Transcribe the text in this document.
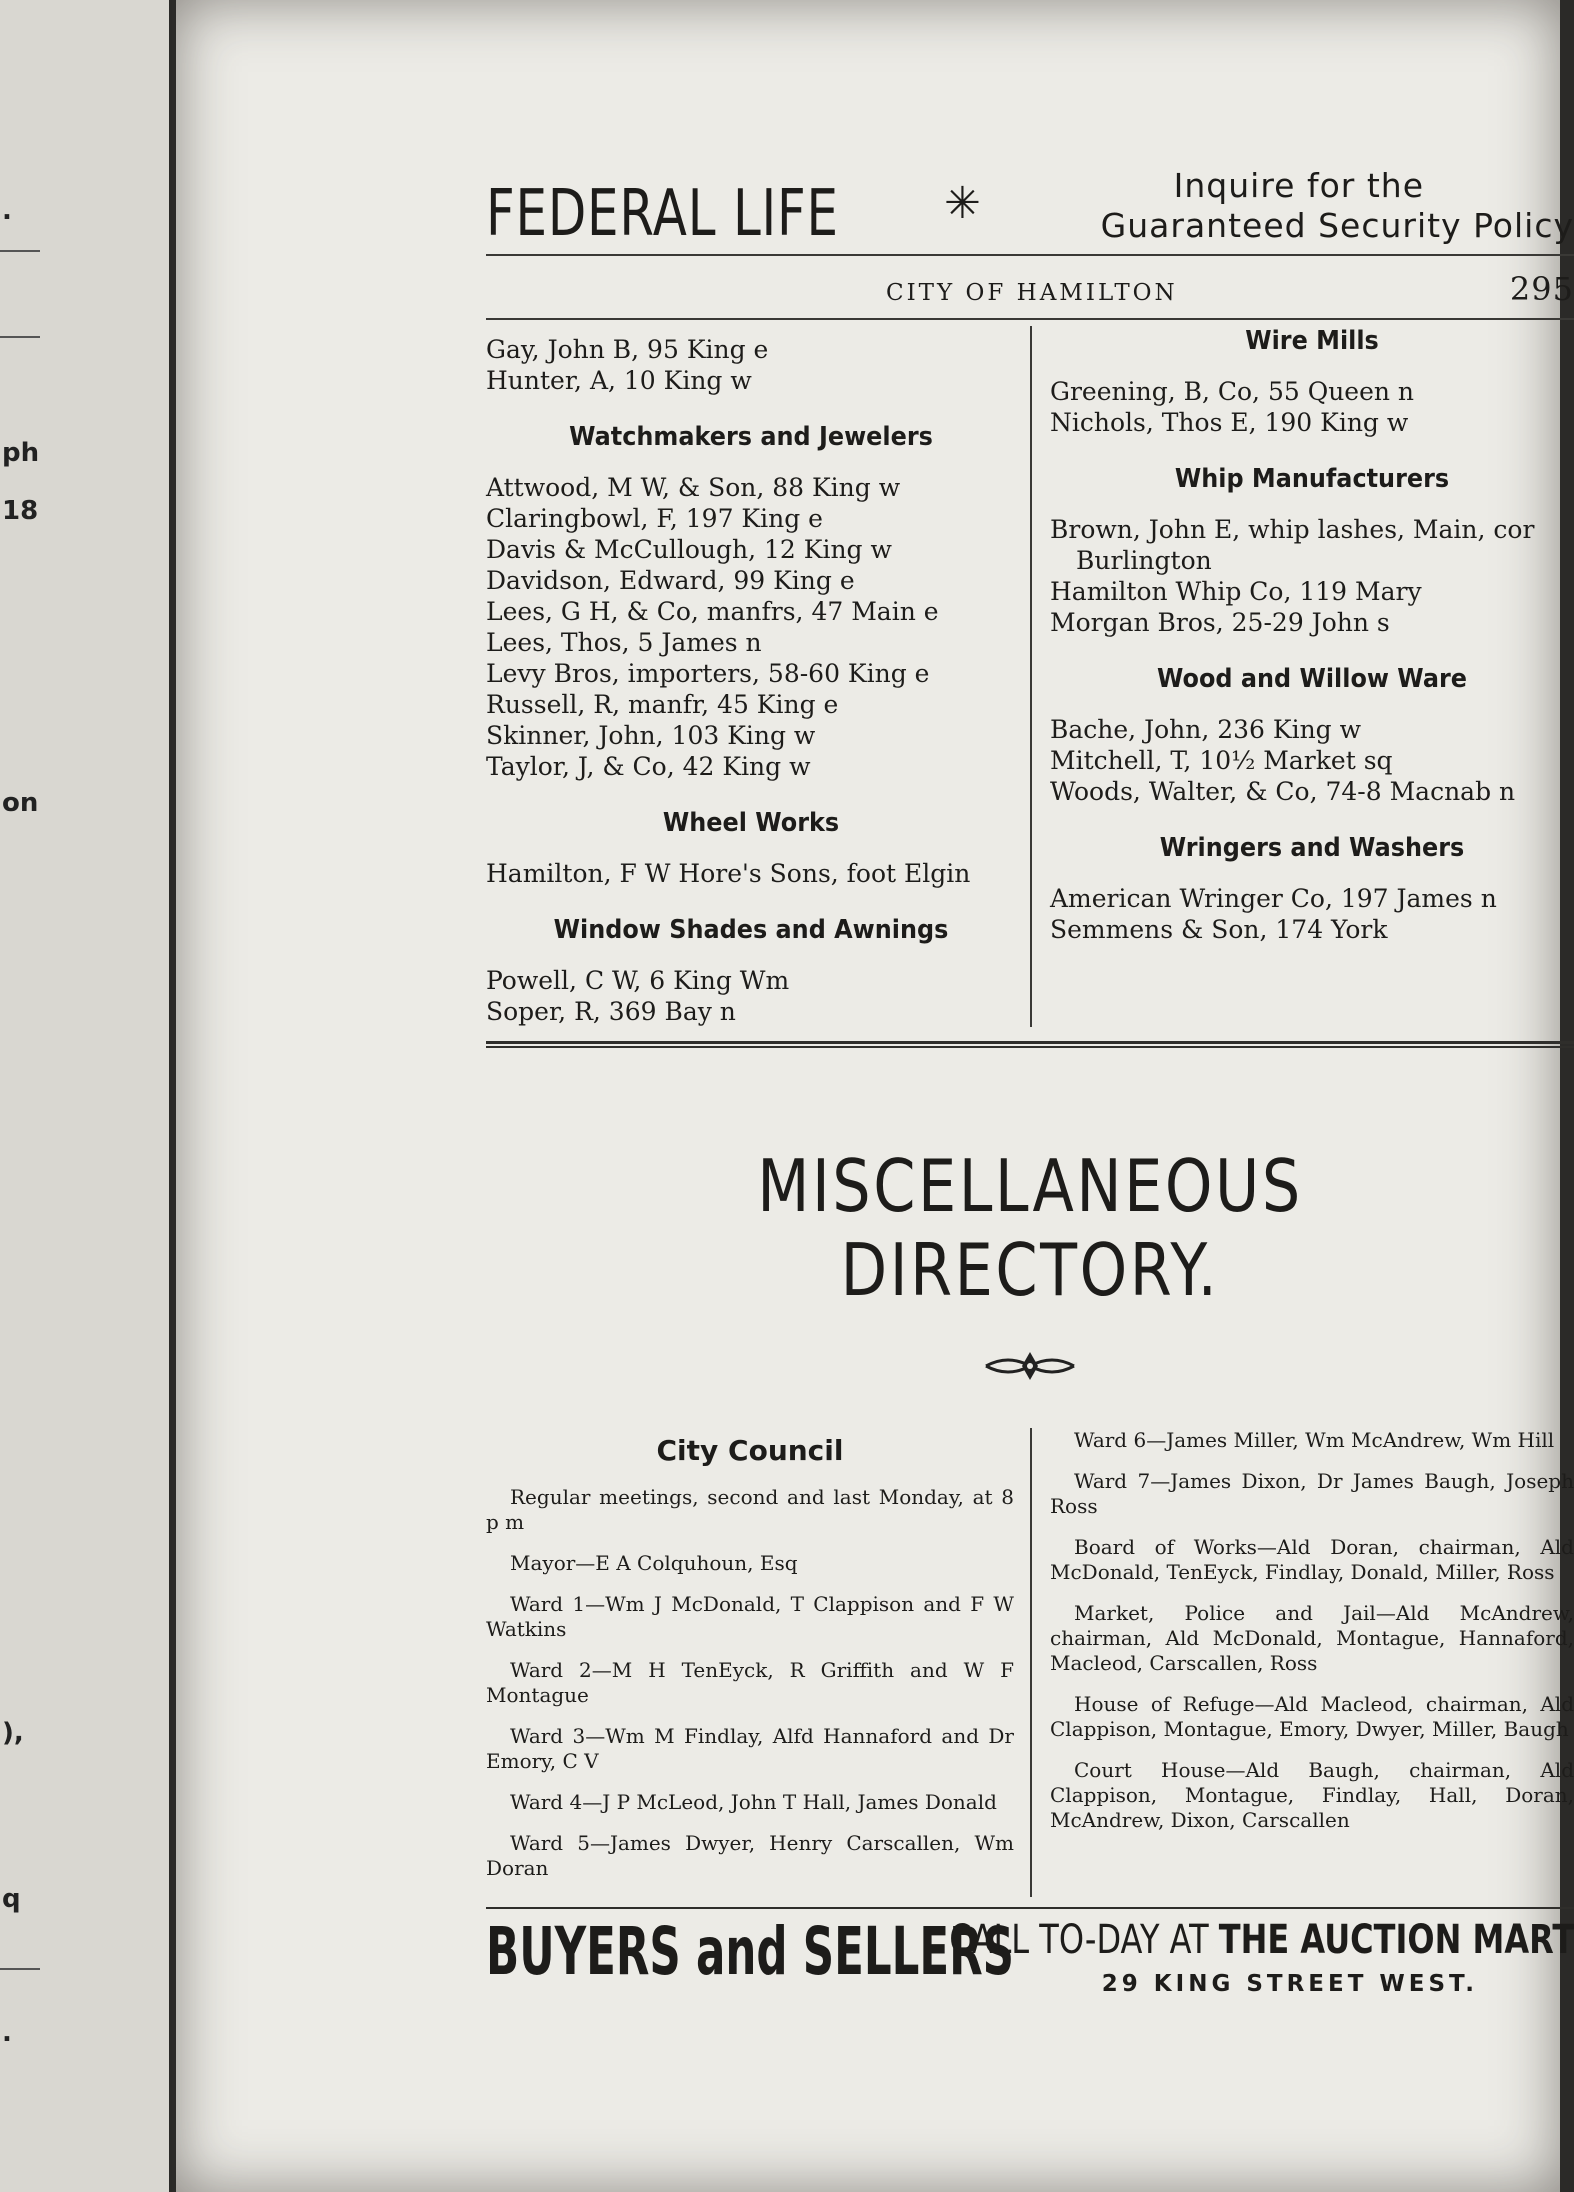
.
ph
18
on
),
q
.
FEDERAL LIFE ✳	Inquire for the
Guaranteed Security Policy
CITY OF HAMILTON	295
Gay, John B, 95 King e
Hunter, A, 10 King w
Watchmakers and Jewelers
Attwood, M W, & Son, 88 King w
Claringbowl, F, 197 King e
Davis & McCullough, 12 King w
Davidson, Edward, 99 King e
Lees, G H, & Co, manfrs, 47 Main e
Lees, Thos, 5 James n
Levy Bros, importers, 58-60 King e
Russell, R, manfr, 45 King e
Skinner, John, 103 King w
Taylor, J, & Co, 42 King w
Wheel Works
Hamilton, F W Hore's Sons, foot Elgin
Window Shades and Awnings
Powell, C W, 6 King Wm
Soper, R, 369 Bay n
Wire Mills
Greening, B, Co, 55 Queen n
Nichols, Thos E, 190 King w
Whip Manufacturers
Brown, John E, whip lashes, Main, cor
Burlington
Hamilton Whip Co, 119 Mary
Morgan Bros, 25-29 John s
Wood and Willow Ware
Bache, John, 236 King w
Mitchell, T, 10½ Market sq
Woods, Walter, & Co, 74-8 Macnab n
Wringers and Washers
American Wringer Co, 197 James n
Semmens & Son, 174 York
MISCELLANEOUS DIRECTORY.
City Council
Regular meetings, second and last Monday, at 8 p m
Mayor—E A Colquhoun, Esq
Ward 1—Wm J McDonald, T Clappison and F W Watkins
Ward 2—M H TenEyck, R Griffith and W F Montague
Ward 3—Wm M Findlay, Alfd Hannaford and Dr Emory, C V
Ward 4—J P McLeod, John T Hall, James Donald
Ward 5—James Dwyer, Henry Carscallen, Wm Doran
Ward 6—James Miller, Wm McAndrew, Wm Hill
Ward 7—James Dixon, Dr James Baugh, Joseph Ross
Board of Works—Ald Doran, chairman, Ald McDonald, TenEyck, Findlay, Donald, Miller, Ross
Market, Police and Jail—Ald McAndrew, chairman, Ald McDonald, Montague, Hannaford, Macleod, Carscallen, Ross
House of Refuge—Ald Macleod, chairman, Ald Clappison, Montague, Emory, Dwyer, Miller, Baugh
Court House—Ald Baugh, chairman, Ald Clappison, Montague, Findlay, Hall, Doran, McAndrew, Dixon, Carscallen
BUYERS and SELLERS
CALL TO-DAY AT THE AUCTION MART
29 KING STREET WEST.
